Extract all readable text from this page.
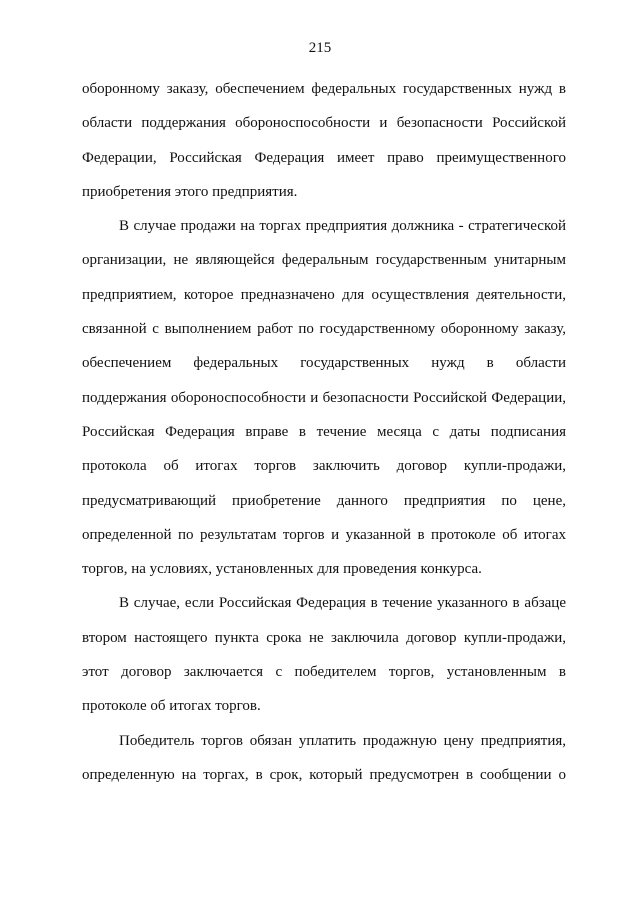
215

оборонному заказу, обеспечением федеральных государственных нужд в

области поддержания обороноспособности и безопасности Российской

Федерации, Российская Федерация имеет право преимущественного

приобретения этого предприятия.

В случае продажи на торгах предприятия должника - стратегической

организации, не являющейся федеральным государственным унитарным

предприятием, которое предназначено для осуществления деятельности,

связанной с выполнением работ по государственному оборонному заказу,

обеспечением федеральных государственных нужд в области

поддержания обороноспособности и безопасности Российской Федерации,

Российская Федерация вправе в течение месяца с даты подписания

протокола об итогах торгов заключить договор купли-продажи,

предусматривающий приобретение данного предприятия по цене,

определенной по результатам торгов и указанной в протоколе об итогах

торгов, на условиях, установленных для проведения конкурса.

В случае, если Российская Федерация в течение указанного в абзаце

втором настоящего пункта срока не заключила договор купли-продажи,

этот договор заключается с победителем торгов, установленным в

протоколе об итогах торгов.

Победитель торгов обязан уплатить продажную цену предприятия,

определенную на торгах, в срок, который предусмотрен в сообщении о
